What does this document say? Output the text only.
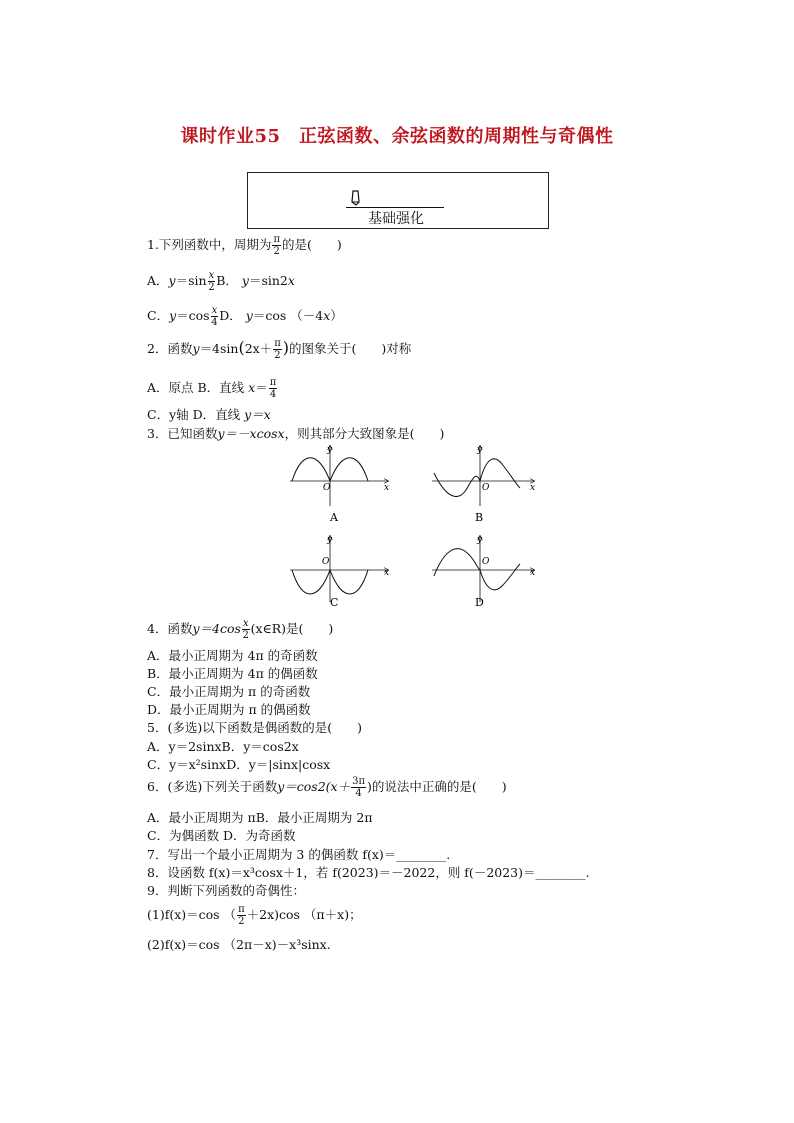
课时作业55　正弦函数、余弦函数的周期性与奇偶性
基础强化
1.下列函数中，周期为 $\frac{\pi}{2}$ 的是(　　)
A．$y=\sin \frac{x}{2}$ B． y＝sin2x
C．$y=\cos \frac{x}{4}$ D． y＝cos （－4x）
2．函数$y=4\sin(2x+ \frac{\pi}{2}$ )的图象关于(　　)对称
A．原点 B．直线 $x= \frac{\pi}{4}$
C．y轴 D．直线 y＝x
3．已知函数y＝－xcosx，则其部分大致图象是(　　)
y
x
O
A
y
x
O
B
y
x
O
C
y
x
O
D
4．函数$y=4\cos \frac{x}{2}$ (x∈R)是(　　)
A．最小正周期为 4π 的奇函数
B．最小正周期为 4π 的偶函数
C．最小正周期为 π 的奇函数
D．最小正周期为 π 的偶函数
5．(多选)以下函数是偶函数的是(　　)
A．y＝2sinxB．y＝cos2x
C．y＝x²sinxD．y＝|sinx|cosx
6．(多选)下列关于函数$y=\cos 2(x+ \frac{3\pi}{4}$ )的说法中正确的是(　　)
A．最小正周期为 πB．最小正周期为 2π
C．为偶函数 D．为奇函数
7．写出一个最小正周期为 3 的偶函数 f(x)＝________.
8．设函数 f(x)＝x³cosx＋1，若 f(2023)＝－2022，则 f(－2023)＝________.
9．判断下列函数的奇偶性：
(1)f(x)＝cos （ $\frac{\pi}{2} +2x)\cos$ （π＋x)；
(2)f(x)＝cos （2π－x)－x³sinx.
